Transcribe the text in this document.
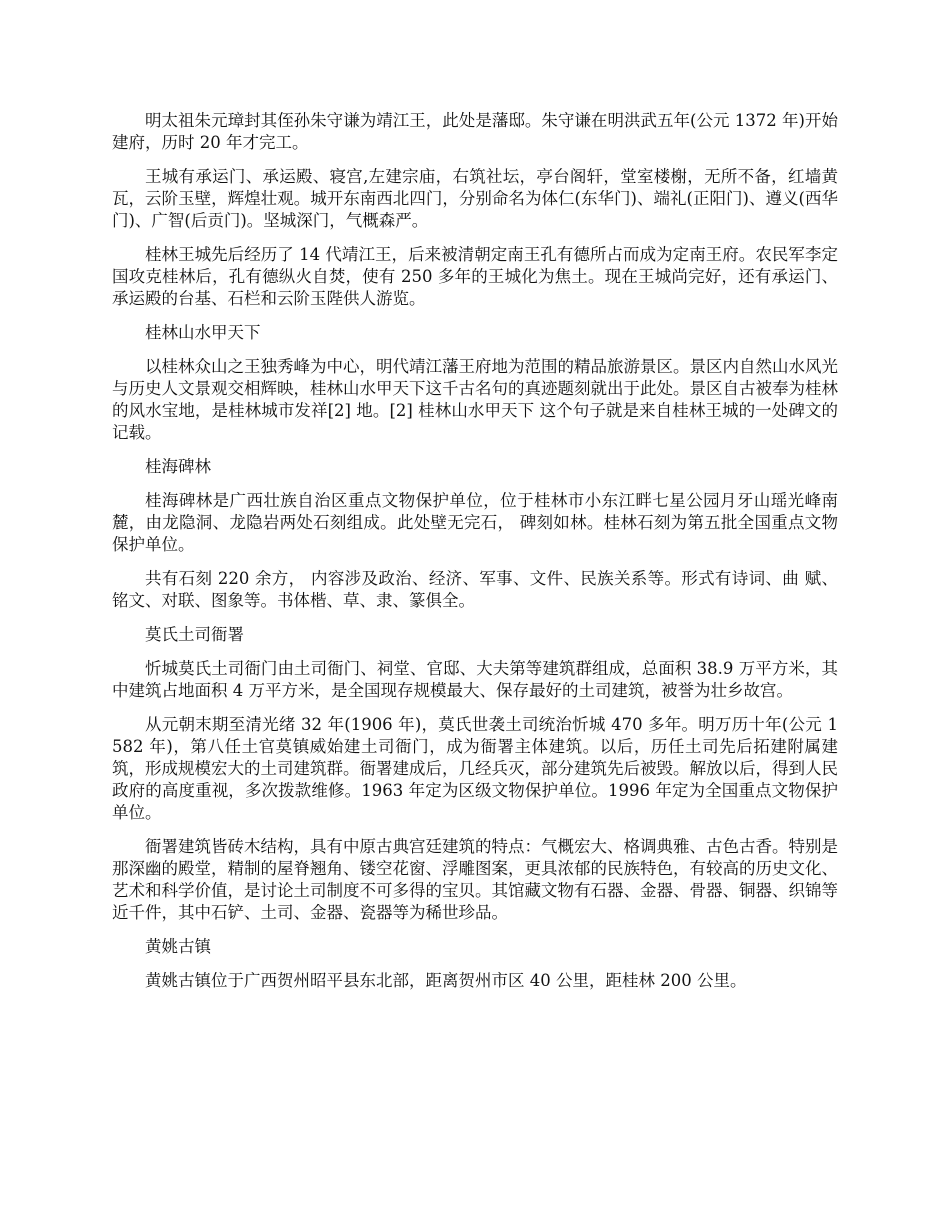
明太祖朱元璋封其侄孙朱守谦为靖江王，此处是藩邸。朱守谦在明洪武五年(公元 1372 年)开始建府，历时 20 年才完工。

王城有承运门、承运殿、寝宫,左建宗庙，右筑社坛，亭台阁轩，堂室楼榭，无所不备，红墙黄瓦，云阶玉壁，辉煌壮观。城开东南西北四门，分别命名为体仁(东华门)、端礼(正阳门)、遵义(西华门)、广智(后贡门)。坚城深门，气概森严。

桂林王城先后经历了 14 代靖江王，后来被清朝定南王孔有德所占而成为定南王府。农民军李定国攻克桂林后，孔有德纵火自焚，使有 250 多年的王城化为焦土。现在王城尚完好，还有承运门、承运殿的台基、石栏和云阶玉陛供人游览。

桂林山水甲天下

以桂林众山之王独秀峰为中心，明代靖江藩王府地为范围的精品旅游景区。景区内自然山水风光与历史人文景观交相辉映，桂林山水甲天下这千古名句的真迹题刻就出于此处。景区自古被奉为桂林的风水宝地，是桂林城市发祥[2] 地。[2] 桂林山水甲天下 这个句子就是来自桂林王城的一处碑文的记载。

桂海碑林

桂海碑林是广西壮族自治区重点文物保护单位，位于桂林市小东江畔七星公园月牙山瑶光峰南麓，由龙隐洞、龙隐岩两处石刻组成。此处壁无完石， 碑刻如林。桂林石刻为第五批全国重点文物保护单位。

共有石刻 220 余方， 内容涉及政治、经济、军事、文件、民族关系等。形式有诗词、曲 赋、铭文、对联、图象等。书体楷、草、隶、篆俱全。

莫氏土司衙署

忻城莫氏土司衙门由土司衙门、祠堂、官邸、大夫第等建筑群组成，总面积 38.9 万平方米，其中建筑占地面积 4 万平方米，是全国现存规模最大、保存最好的土司建筑，被誉为壮乡故宫。

从元朝末期至清光绪 32 年(1906 年)，莫氏世袭土司统治忻城 470 多年。明万历十年(公元 1582 年)，第八任土官莫镇威始建土司衙门，成为衙署主体建筑。以后，历任土司先后拓建附属建筑，形成规模宏大的土司建筑群。衙署建成后，几经兵灭，部分建筑先后被毁。解放以后，得到人民政府的高度重视，多次拨款维修。1963 年定为区级文物保护单位。1996 年定为全国重点文物保护单位。

衙署建筑皆砖木结构，具有中原古典宫廷建筑的特点：气概宏大、格调典雅、古色古香。特别是那深幽的殿堂，精制的屋脊翘角、镂空花窗、浮雕图案，更具浓郁的民族特色，有较高的历史文化、艺术和科学价值，是讨论土司制度不可多得的宝贝。其馆藏文物有石器、金器、骨器、铜器、织锦等近千件，其中石铲、土司、金器、瓷器等为稀世珍品。

黄姚古镇

黄姚古镇位于广西贺州昭平县东北部，距离贺州市区 40 公里，距桂林 200 公里。
